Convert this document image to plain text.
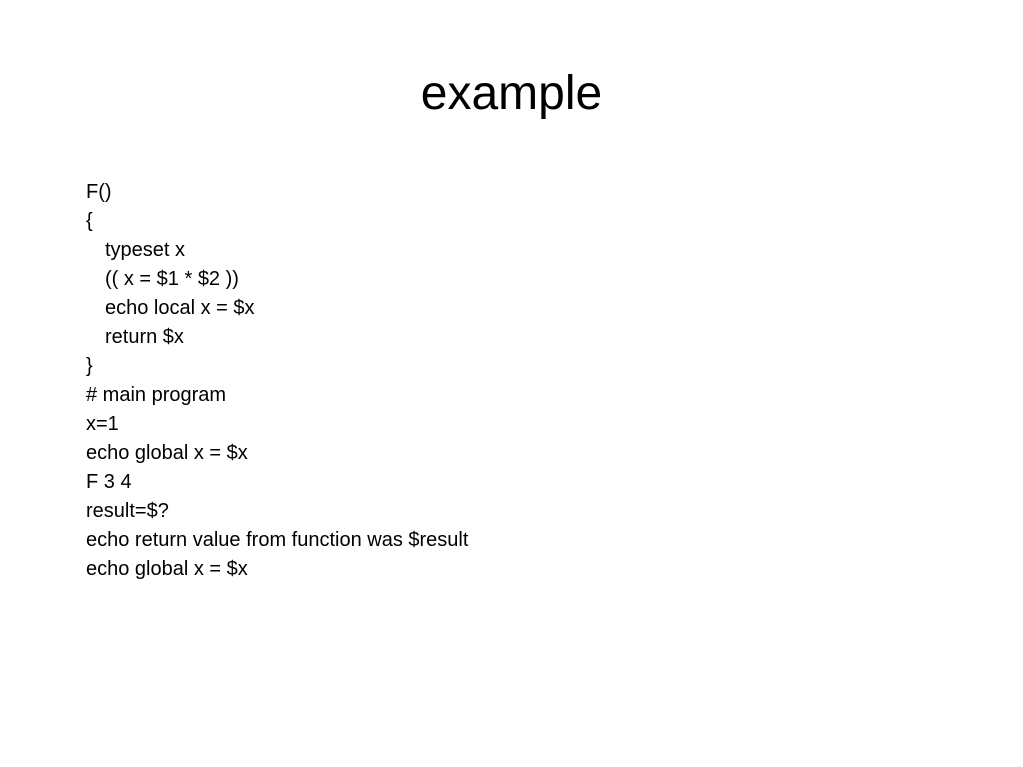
example
F()
{
typeset x
(( x = $1 * $2 ))
echo local x = $x
return $x
}
# main program
x=1
echo global x = $x
F 3 4
result=$?
echo return value from function was $result
echo global x = $x
